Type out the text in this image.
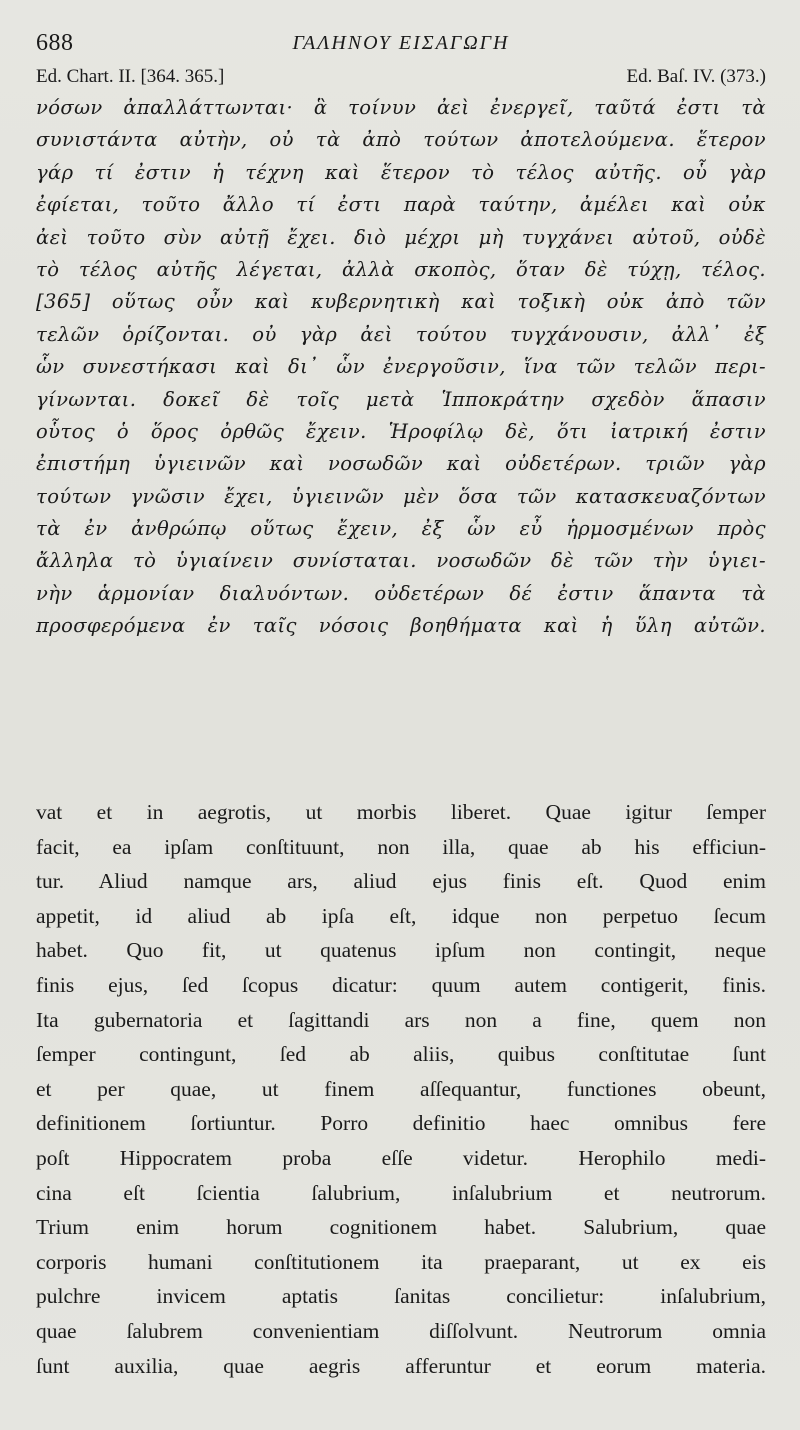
688	ΓΑΛΗΝΟΥ ΕΙΣΑΓΩΓΗ
Ed. Chart. II. [364. 365.]	Ed. Baſ. IV. (373.)
νόσων ἀπαλλάττωνται· ἃ τοίνυν ἀεὶ ἐνεργεῖ, ταῦτά ἐστι τὰ
συνιστάντα αὐτὴν, οὐ τὰ ἀπὸ τούτων ἀποτελούμενα. ἕτερον
γάρ τί ἐστιν ἡ τέχνη καὶ ἕτερον τὸ τέλος αὐτῆς. οὗ γὰρ
ἐφίεται, τοῦτο ἄλλο τί ἐστι παρὰ ταύτην, ἀμέλει καὶ οὐκ
ἀεὶ τοῦτο σὺν αὐτῇ ἔχει. διὸ μέχρι μὴ τυγχάνει αὐτοῦ, οὐδὲ
τὸ τέλος αὐτῆς λέγεται, ἀλλὰ σκοπὸς, ὅταν δὲ τύχῃ, τέλος.
[365] οὕτως οὖν καὶ κυβερνητικὴ καὶ τοξικὴ οὐκ ἀπὸ τῶν
τελῶν ὁρίζονται. οὐ γὰρ ἀεὶ τούτου τυγχάνουσιν, ἀλλ᾽ ἐξ
ὧν συνεστήκασι καὶ δι᾽ ὧν ἐνεργοῦσιν, ἵνα τῶν τελῶν περι-
γίνωνται. δοκεῖ δὲ τοῖς μετὰ Ἱπποκράτην σχεδὸν ἅπασιν
οὗτος ὁ ὅρος ὀρθῶς ἔχειν. Ἡροφίλῳ δὲ, ὅτι ἰατρική ἐστιν
ἐπιστήμη ὑγιεινῶν καὶ νοσωδῶν καὶ οὐδετέρων. τριῶν γὰρ
τούτων γνῶσιν ἔχει, ὑγιεινῶν μὲν ὅσα τῶν κατασκευαζόντων
τὰ ἐν ἀνθρώπῳ οὕτως ἔχειν, ἐξ ὧν εὖ ἡρμοσμένων πρὸς
ἄλληλα τὸ ὑγιαίνειν συνίσταται. νοσωδῶν δὲ τῶν τὴν ὑγιει-
νὴν ἁρμονίαν διαλυόντων. οὐδετέρων δέ ἐστιν ἅπαντα τὰ
προσφερόμενα ἐν ταῖς νόσοις βοηθήματα καὶ ἡ ὕλη αὐτῶν.
vat et in aegrotis, ut morbis liberet. Quae igitur ſemper
facit, ea ipſam conſtituunt, non illa, quae ab his efficiun-
tur. Aliud namque ars, aliud ejus finis eſt. Quod enim
appetit, id aliud ab ipſa eſt, idque non perpetuo ſecum
habet. Quo fit, ut quatenus ipſum non contingit, neque
finis ejus, ſed ſcopus dicatur: quum autem contigerit, finis.
Ita gubernatoria et ſagittandi ars non a fine, quem non
ſemper contingunt, ſed ab aliis, quibus conſtitutae ſunt
et per quae, ut finem aſſequantur, functiones obeunt,
definitionem ſortiuntur. Porro definitio haec omnibus fere
poſt Hippocratem proba eſſe videtur. Herophilo medi-
cina eſt ſcientia ſalubrium, inſalubrium et neutrorum.
Trium enim horum cognitionem habet. Salubrium, quae
corporis humani conſtitutionem ita praeparant, ut ex eis
pulchre invicem aptatis ſanitas concilietur: inſalubrium,
quae ſalubrem convenientiam diſſolvunt. Neutrorum omnia
ſunt auxilia, quae aegris afferuntur et eorum materia.
